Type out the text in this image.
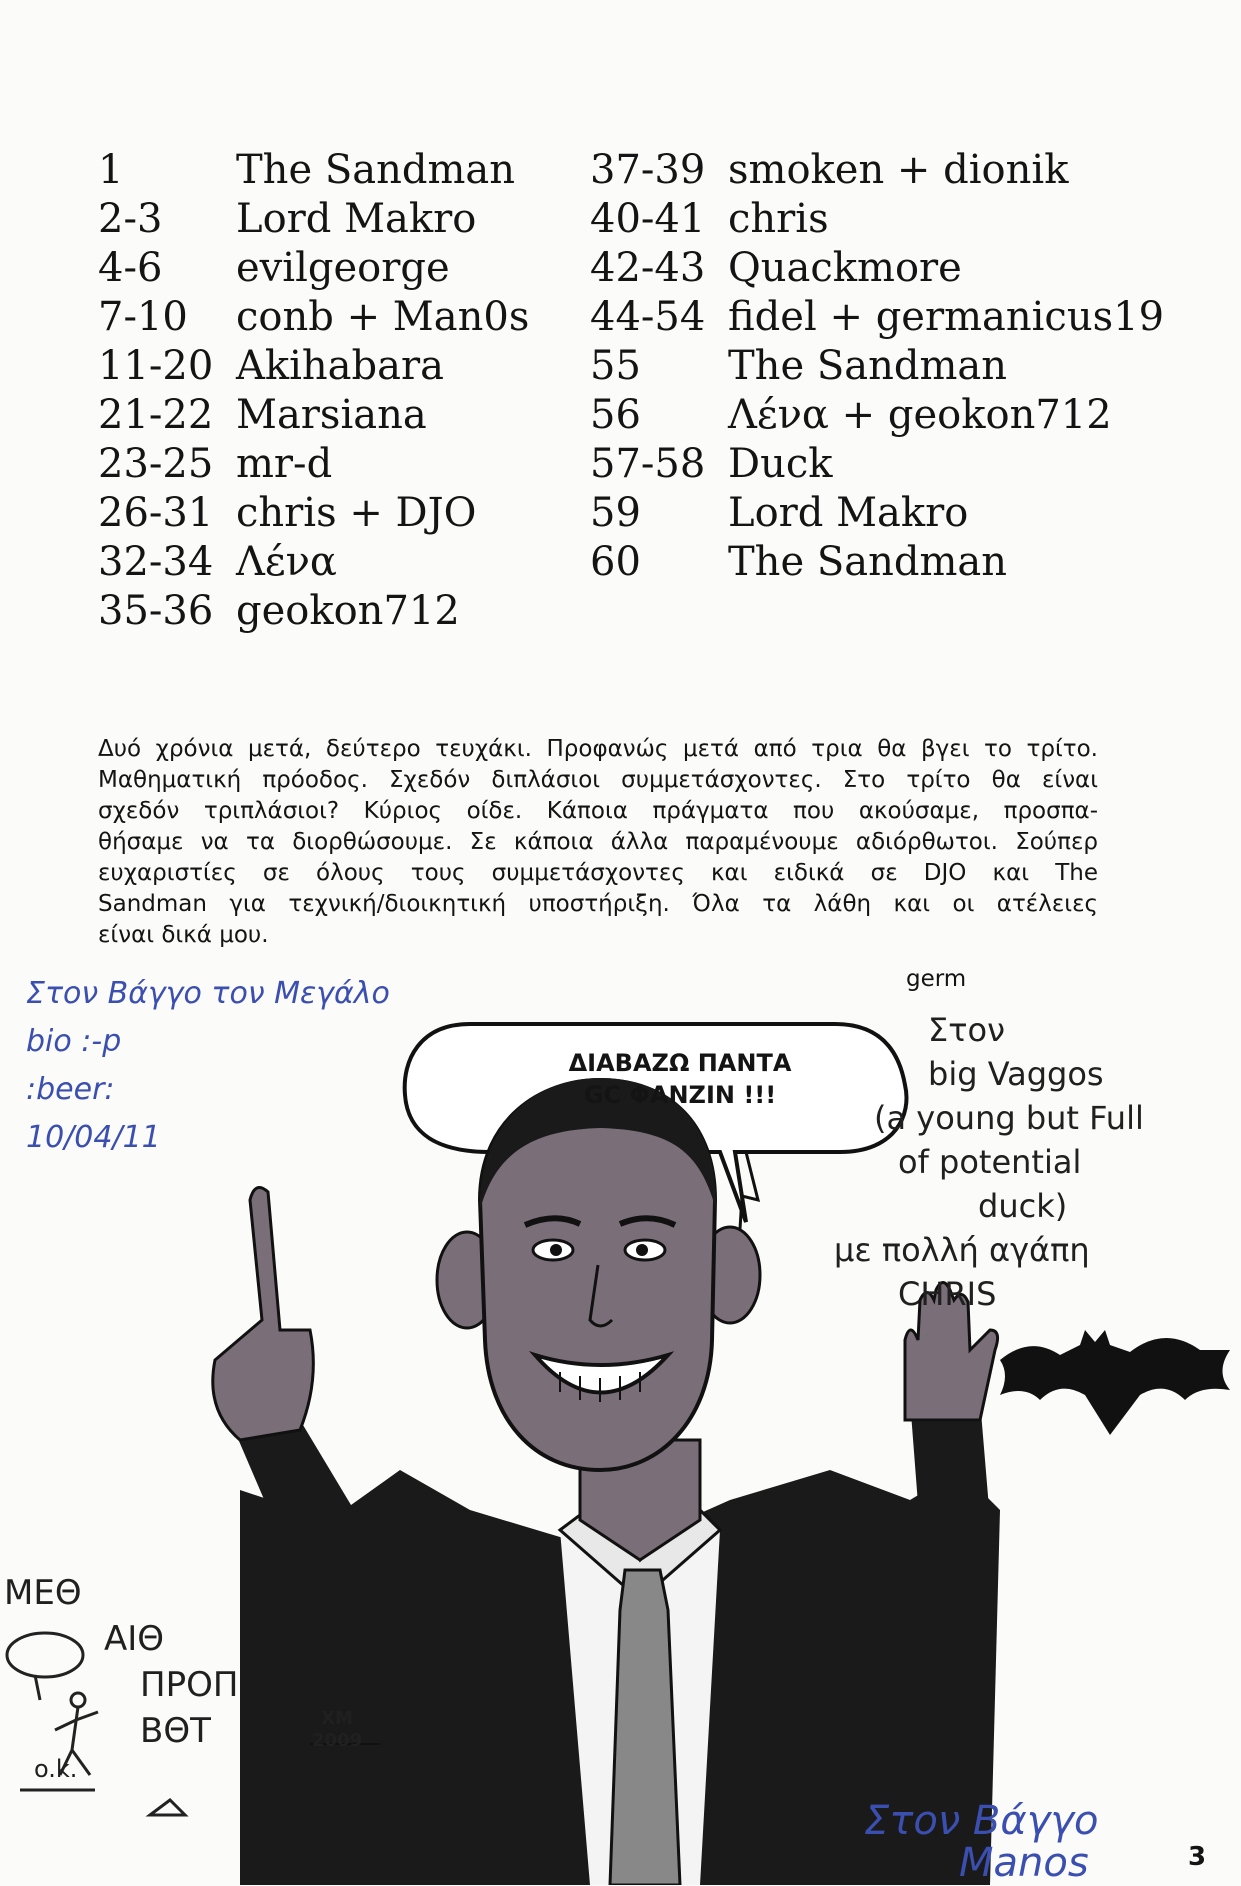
1	The Sandman
2-3	Lord Makro
4-6	evilgeorge
7-10	conb + Man0s
11-20 Akihabara
21-22 Marsiana
23-25 mr-d
26-31 chris + DJO
32-34 Λένα
35-36 geokon712
37-39 smoken + dionik
40-41 chris
42-43 Quackmore
44-54 fidel + germanicus19
55	The Sandman
56	Λένα + geokon712
57-58 Duck
59	Lord Makro
60	The Sandman
Δυό χρόνια μετά, δεύτερο τευχάκι. Προφανώς μετά από τρια θα βγει το τρίτο.
Μαθηματική πρόοδος. Σχεδόν διπλάσιοι συμμετάσχοντες. Στο τρίτο θα είναι
σχεδόν τριπλάσιοι? Κύριος οίδε. Κάποια πράγματα που ακούσαμε, προσπα-
θήσαμε να τα διορθώσουμε. Σε κάποια άλλα παραμένουμε αδιόρθωτοι. Σούπερ
ευχαριστίες σε όλους τους συμμετάσχοντες και ειδικά σε DJO και The
Sandman για τεχνική/διοικητική υποστήριξη. Όλα τα λάθη και οι ατέλειες
είναι δικά μου.
germ
ΔΙΑΒΑΖΩ ΠΑΝΤΑ
GC ΦΑΝΖΙΝ !!!
XM
2009
Στον Βάγγο τον Μεγάλο
bio :-p
:beer:
10/04/11
Στον
big Vaggos
(a young but Full
of potential
duck)
με πολλή αγάπη
CHRIS
ΜΕΘ
ΑΙΘ
ΠΡΟΠ
ΒΘΤ
o.k.
Στον Βάγγο
Manos	3
